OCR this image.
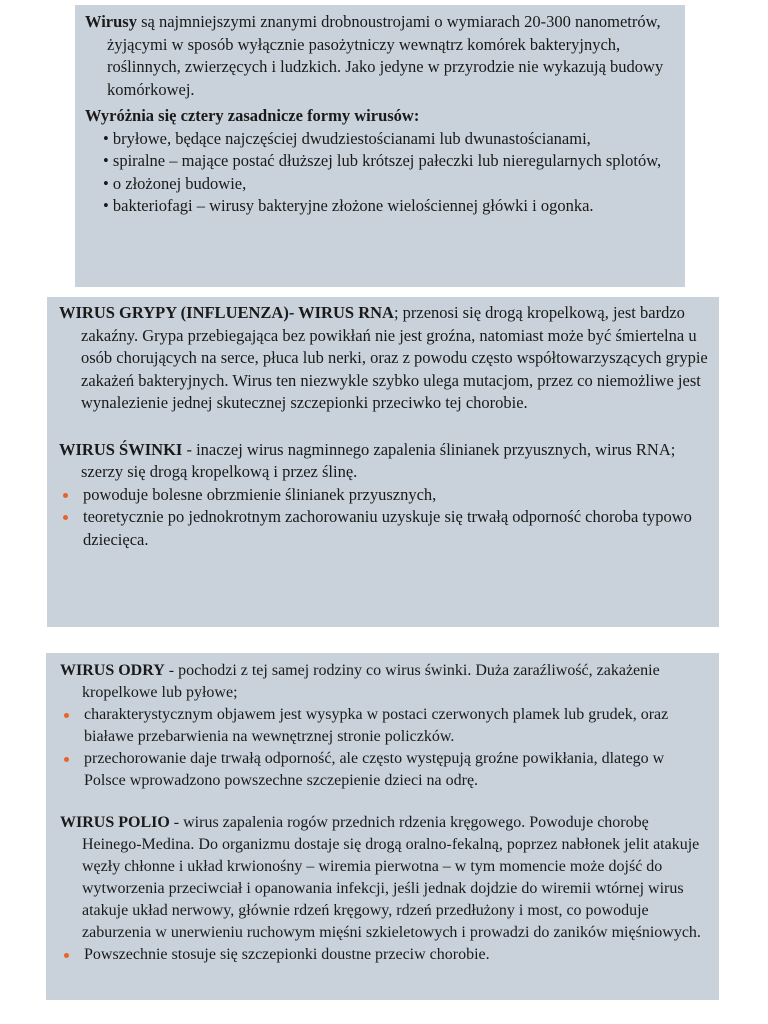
Wirusy są najmniejszymi znanymi drobnoustrojami o wymiarach 20-300 nanometrów, żyjącymi w sposób wyłącznie pasożytniczy wewnątrz komórek bakteryjnych, roślinnych, zwierzęcych i ludzkich. Jako jedyne w przyrodzie nie wykazują budowy komórkowej.

Wyróżnia się cztery zasadnicze formy wirusów:

• bryłowe, będące najczęściej dwudziestościanami lub dwunastościanami,
• spiralne – mające postać dłuższej lub krótszej pałeczki lub nieregularnych splotów,
• o złożonej budowie,
• bakteriofagi – wirusy bakteryjne złożone wielościennej główki i ogonka.

WIRUS GRYPY (INFLUENZA)- WIRUS RNA; przenosi się drogą kropelkową, jest bardzo zakaźny. Grypa przebiegająca bez powikłań nie jest groźna, natomiast może być śmiertelna u osób chorujących na serce, płuca lub nerki, oraz z powodu często współtowarzyszących grypie zakażeń bakteryjnych. Wirus ten niezwykle szybko ulega mutacjom, przez co niemożliwe jest wynalezienie jednej skutecznej szczepionki przeciwko tej chorobie.

WIRUS ŚWINKI - inaczej wirus nagminnego zapalenia ślinianek przyusznych, wirus RNA; szerzy się drogą kropelkową i przez ślinę.

powoduje bolesne obrzmienie ślinianek przyusznych,
teoretycznie po jednokrotnym zachorowaniu uzyskuje się trwałą odporność choroba typowo dziecięca.

WIRUS ODRY - pochodzi z tej samej rodziny co wirus świnki. Duża zaraźliwość, zakażenie kropelkowe lub pyłowe;

charakterystycznym objawem jest wysypka w postaci czerwonych plamek lub grudek, oraz białawe przebarwienia na wewnętrznej stronie policzków.
przechorowanie daje trwałą odporność, ale często występują groźne powikłania, dlatego w Polsce wprowadzono powszechne szczepienie dzieci na odrę.

WIRUS POLIO - wirus zapalenia rogów przednich rdzenia kręgowego. Powoduje chorobę Heinego-Medina. Do organizmu dostaje się drogą oralno-fekalną, poprzez nabłonek jelit atakuje węzły chłonne i układ krwionośny – wiremia pierwotna – w tym momencie może dojść do wytworzenia przeciwciał i opanowania infekcji, jeśli jednak dojdzie do wiremii wtórnej wirus atakuje układ nerwowy, głównie rdzeń kręgowy, rdzeń przedłużony i most, co powoduje zaburzenia w unerwieniu ruchowym mięśni szkieletowych i prowadzi do zaników mięśniowych.

Powszechnie stosuje się szczepionki doustne przeciw chorobie.
